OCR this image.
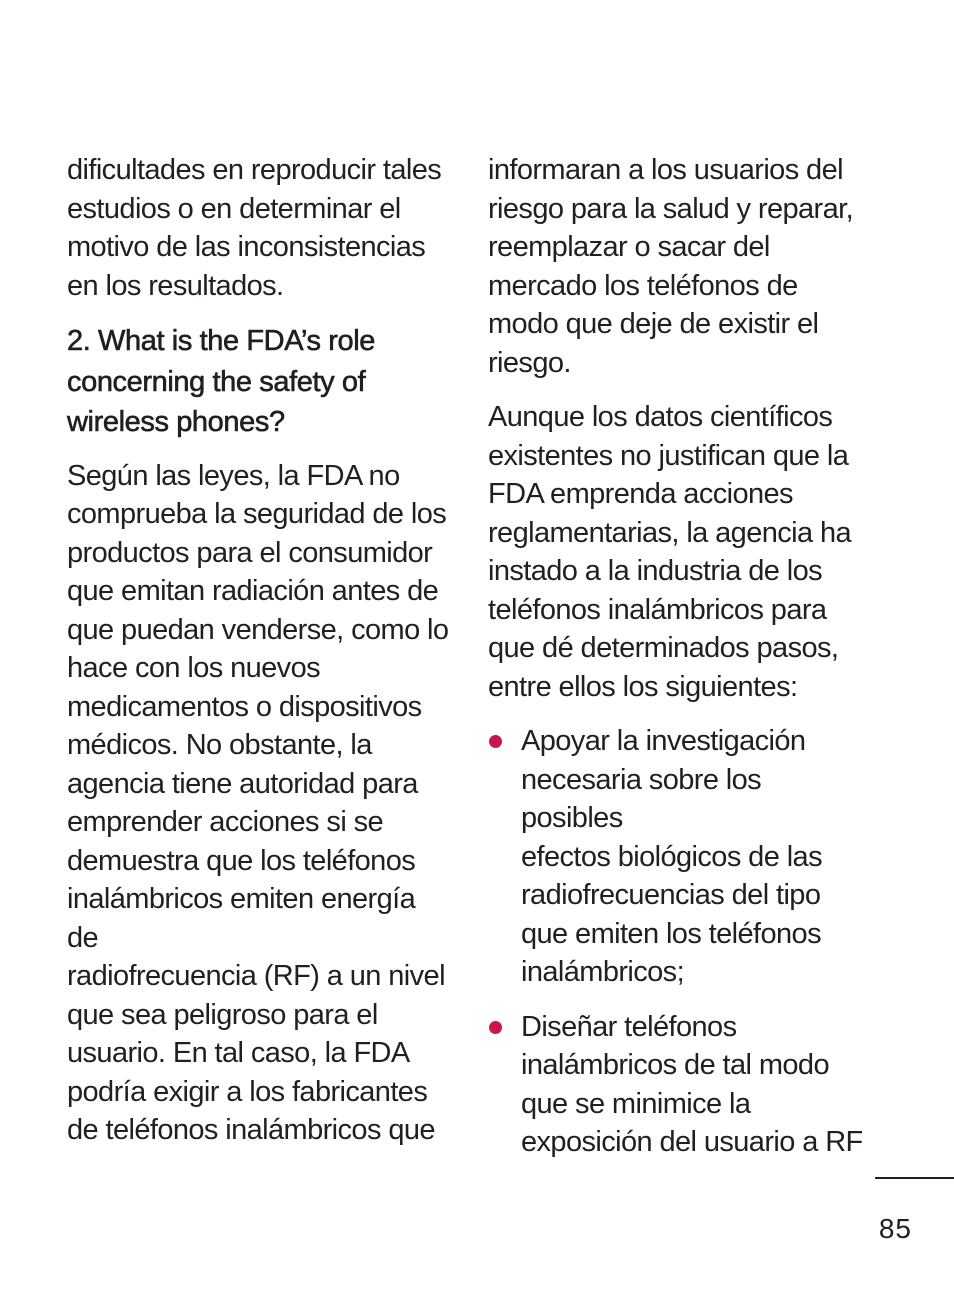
dificultades en reproducir tales
estudios o en determinar el
motivo de las inconsistencias
en los resultados.

2. What is the FDA’s role
concerning the safety of
wireless phones?

Según las leyes, la FDA no
comprueba la seguridad de los
productos para el consumidor
que emitan radiación antes de
que puedan venderse, como lo
hace con los nuevos
medicamentos o dispositivos
médicos. No obstante, la
agencia tiene autoridad para
emprender acciones si se
demuestra que los teléfonos
inalámbricos emiten energía de
radiofrecuencia (RF) a un nivel
que sea peligroso para el
usuario. En tal caso, la FDA
podría exigir a los fabricantes
de teléfonos inalámbricos que

informaran a los usuarios del
riesgo para la salud y reparar,
reemplazar o sacar del
mercado los teléfonos de
modo que deje de existir el
riesgo.

Aunque los datos científicos
existentes no justifican que la
FDA emprenda acciones
reglamentarias, la agencia ha
instado a la industria de los
teléfonos inalámbricos para
que dé determinados pasos,
entre ellos los siguientes:

Apoyar la investigación
necesaria sobre los posibles
efectos biológicos de las
radiofrecuencias del tipo
que emiten los teléfonos
inalámbricos;
Diseñar teléfonos
inalámbricos de tal modo
que se minimice la
exposición del usuario a RF
85
